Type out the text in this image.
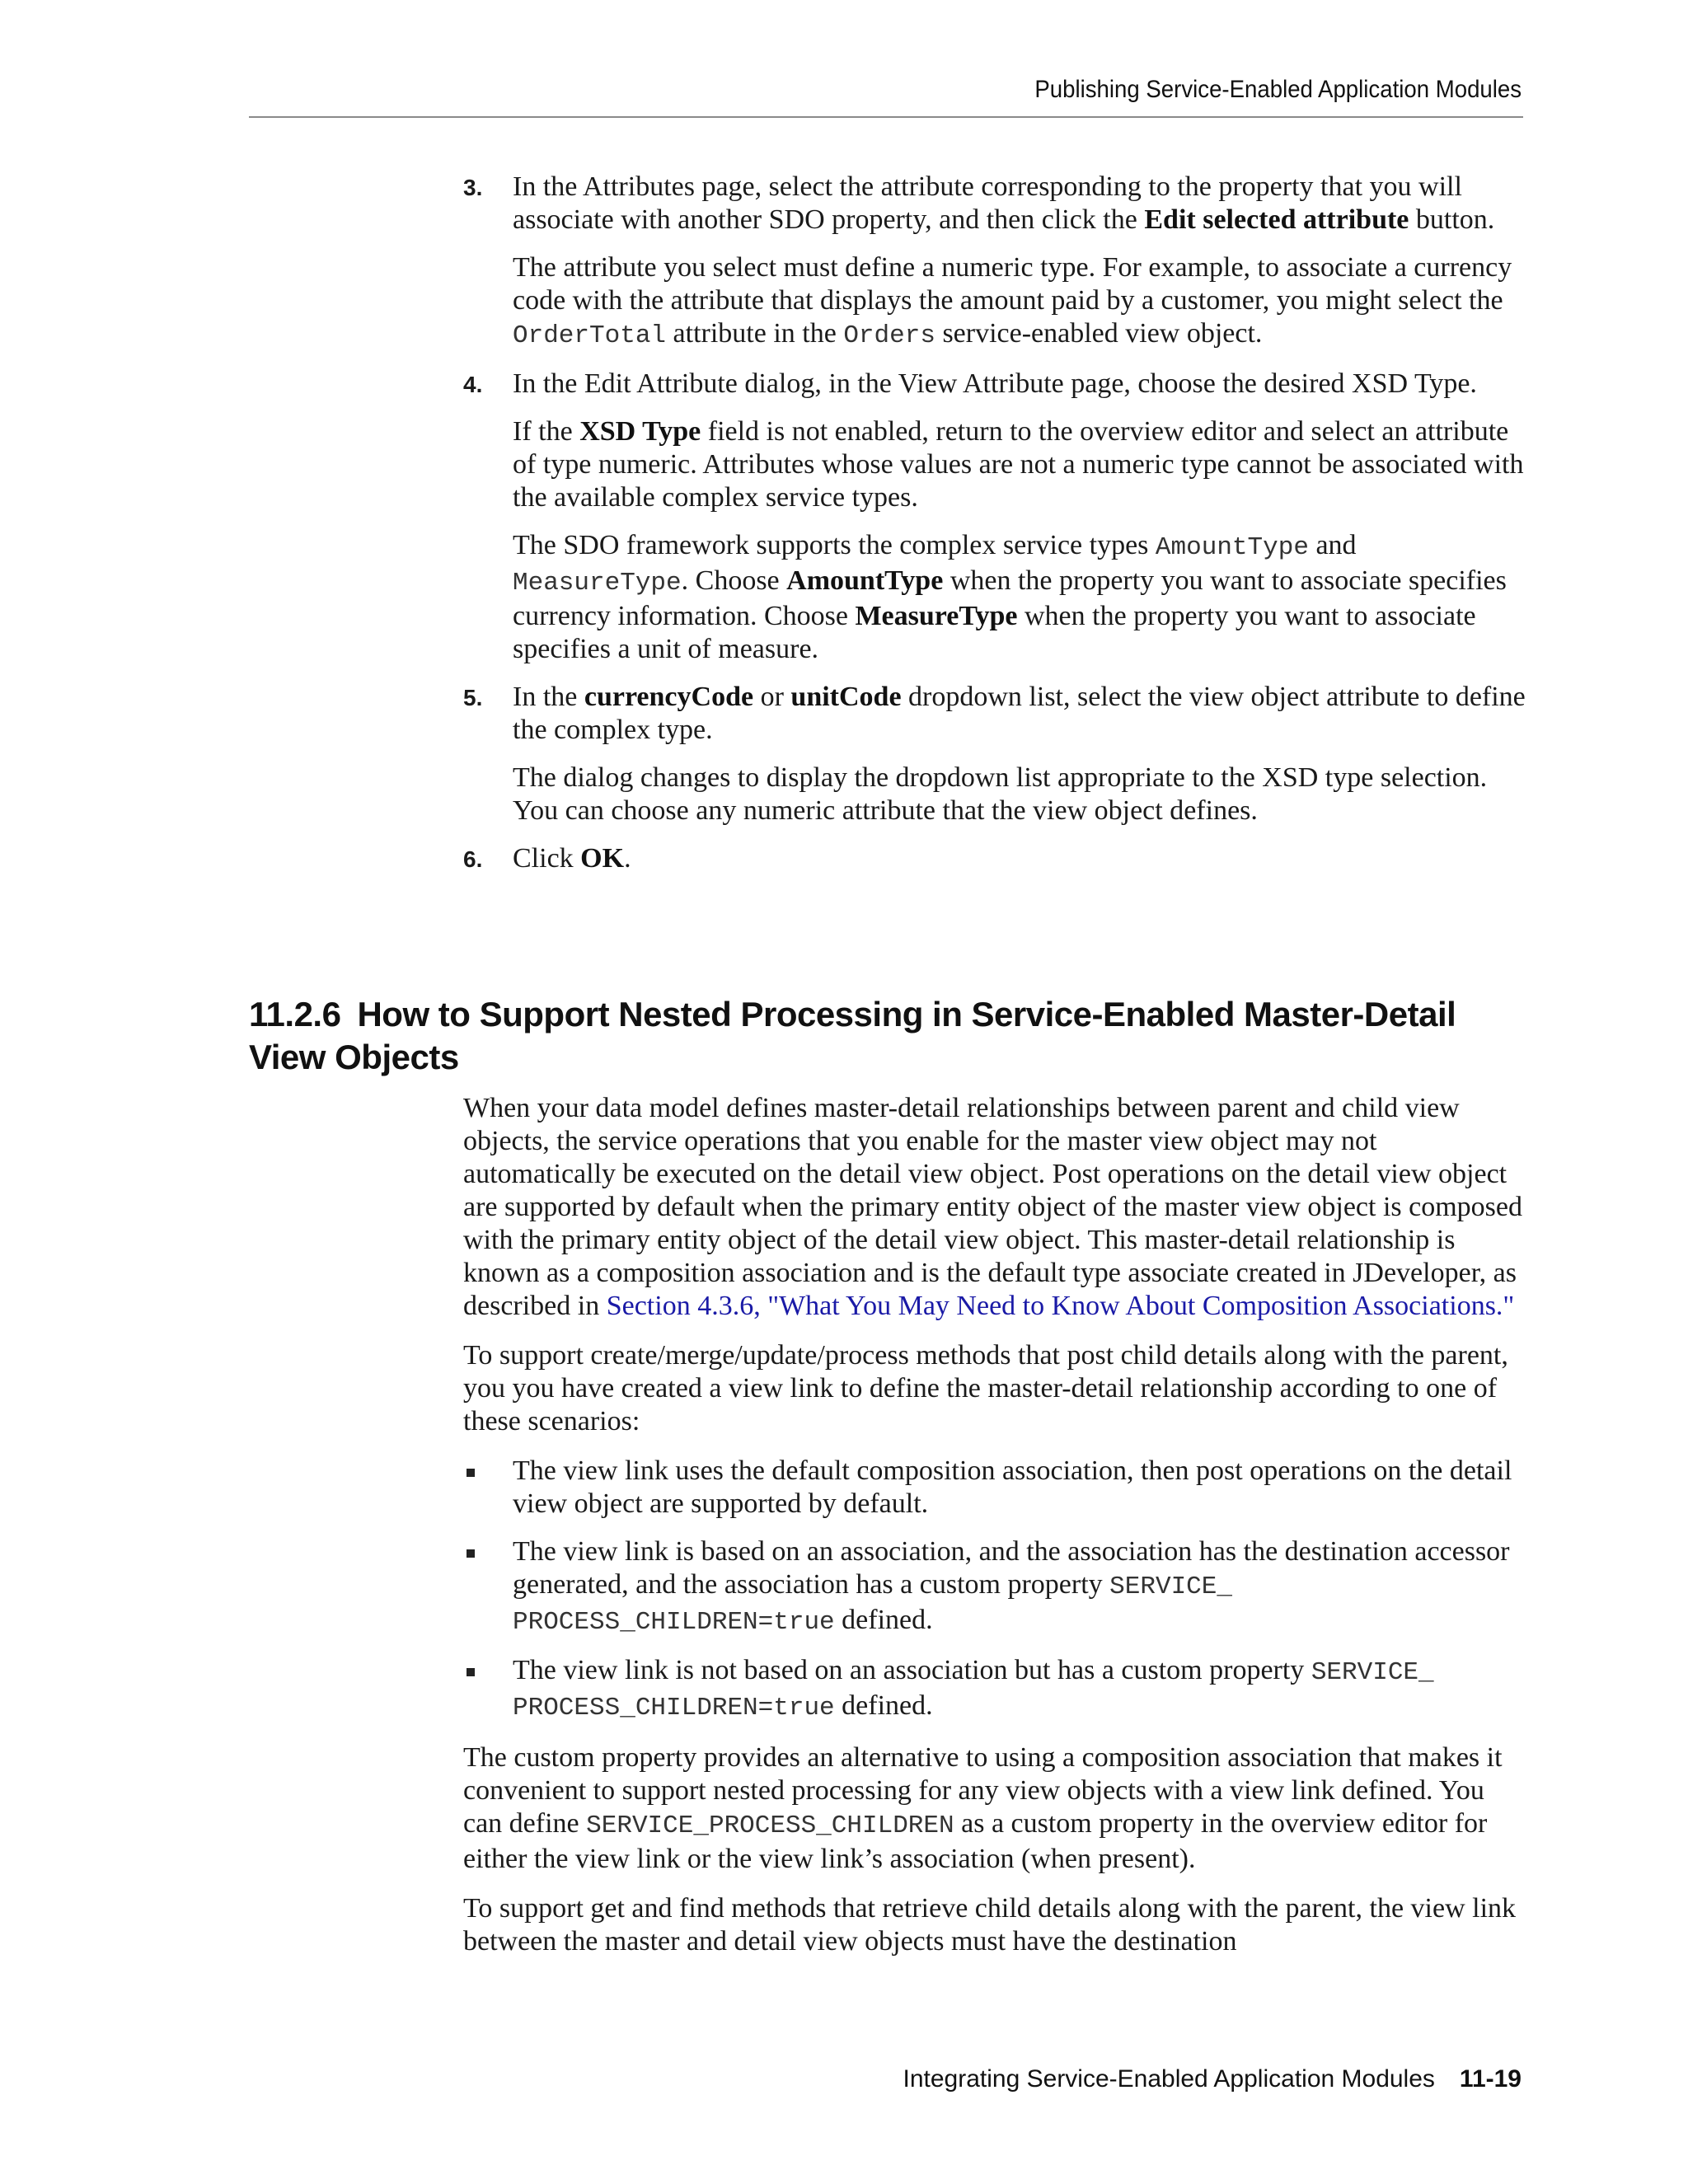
Publishing Service-Enabled Application Modules
3. In the Attributes page, select the attribute corresponding to the property that you will associate with another SDO property, and then click the Edit selected attribute button.

The attribute you select must define a numeric type. For example, to associate a currency code with the attribute that displays the amount paid by a customer, you might select the OrderTotal attribute in the Orders service-enabled view object.

4. In the Edit Attribute dialog, in the View Attribute page, choose the desired XSD Type.

If the XSD Type field is not enabled, return to the overview editor and select an attribute of type numeric. Attributes whose values are not a numeric type cannot be associated with the available complex service types.

The SDO framework supports the complex service types AmountType and MeasureType. Choose AmountType when the property you want to associate specifies currency information. Choose MeasureType when the property you want to associate specifies a unit of measure.

5. In the currencyCode or unitCode dropdown list, select the view object attribute to define the complex type.

The dialog changes to display the dropdown list appropriate to the XSD type selection. You can choose any numeric attribute that the view object defines.

6. Click OK.

11.2.6 How to Support Nested Processing in Service-Enabled Master-Detail View Objects

When your data model defines master-detail relationships between parent and child view objects, the service operations that you enable for the master view object may not automatically be executed on the detail view object. Post operations on the detail view object are supported by default when the primary entity object of the master view object is composed with the primary entity object of the detail view object. This master-detail relationship is known as a composition association and is the default type associate created in JDeveloper, as described in Section 4.3.6, "What You May Need to Know About Composition Associations."

To support create/merge/update/process methods that post child details along with the parent, you you have created a view link to define the master-detail relationship according to one of these scenarios:

The view link uses the default composition association, then post operations on the detail view object are supported by default.
The view link is based on an association, and the association has the destination accessor generated, and the association has a custom property SERVICE_ PROCESS_CHILDREN=true defined.
The view link is not based on an association but has a custom property SERVICE_ PROCESS_CHILDREN=true defined.

The custom property provides an alternative to using a composition association that makes it convenient to support nested processing for any view objects with a view link defined. You can define SERVICE_PROCESS_CHILDREN as a custom property in the overview editor for either the view link or the view link’s association (when present).

To support get and find methods that retrieve child details along with the parent, the view link between the master and detail view objects must have the destination

Integrating Service-Enabled Application Modules 11-19
